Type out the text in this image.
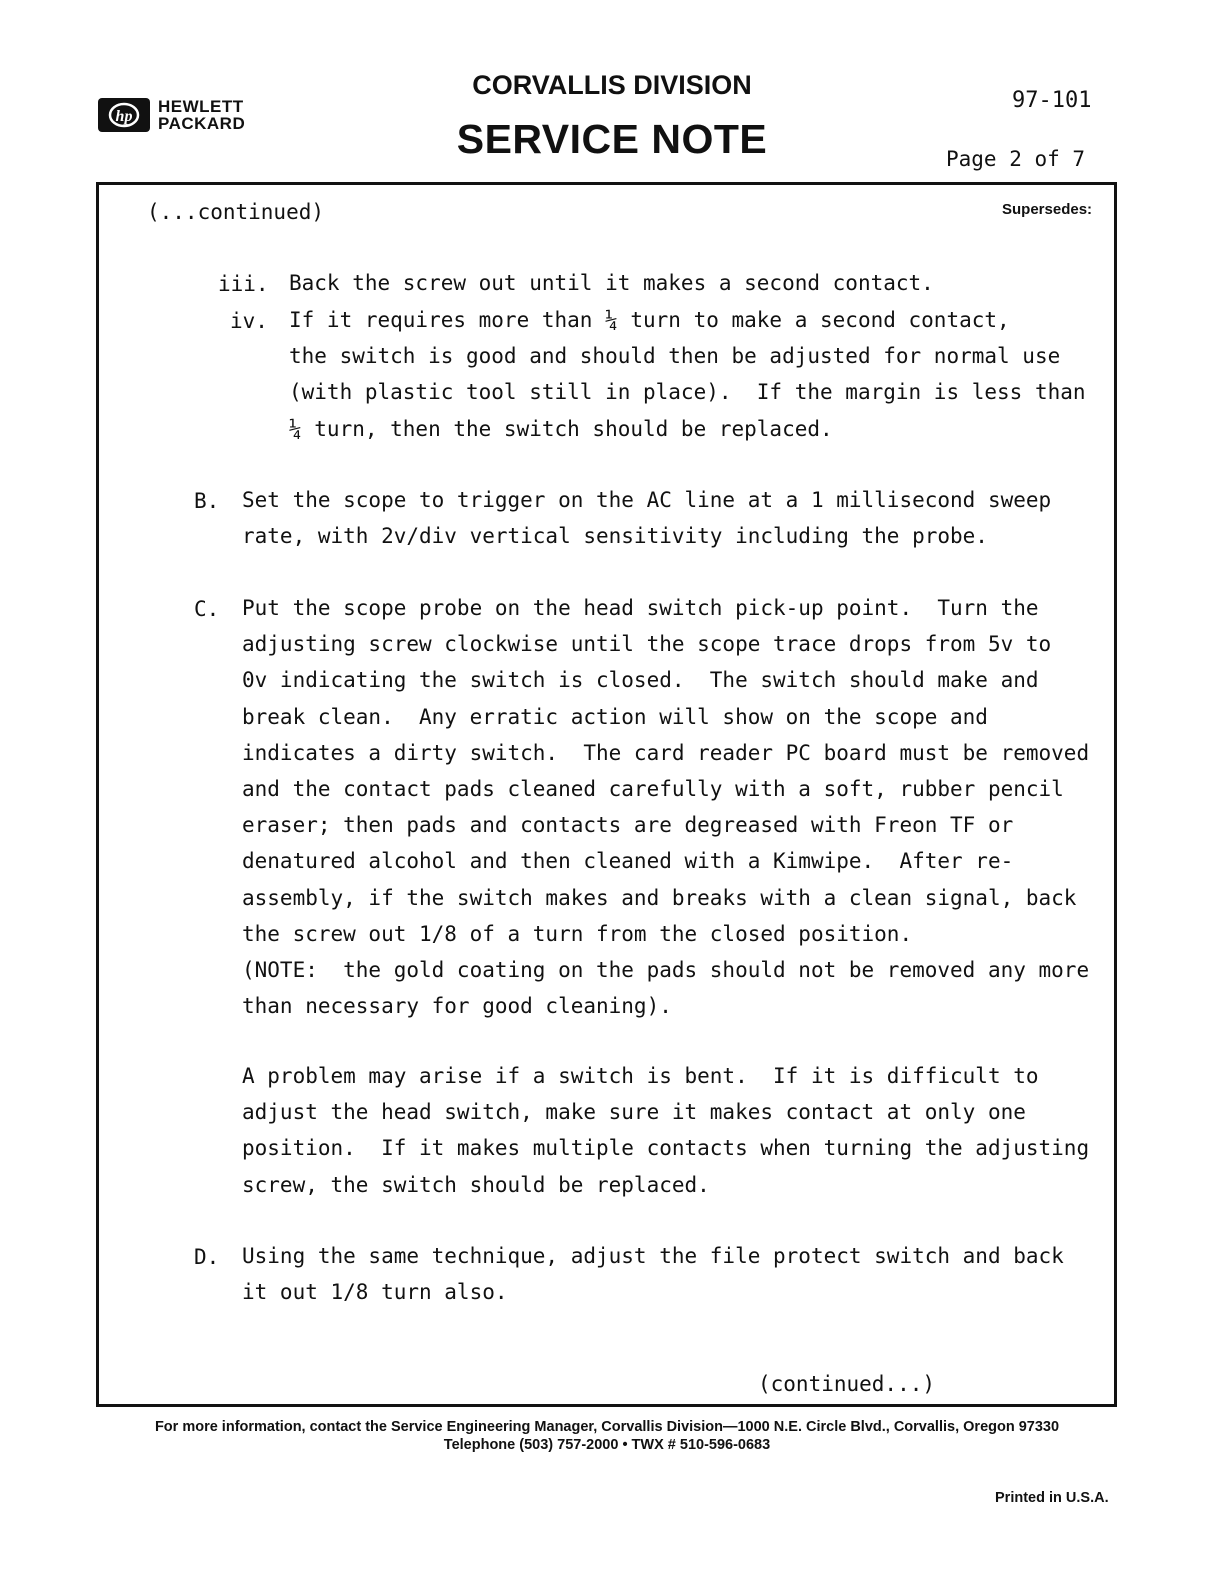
hp
HEWLETT
PACKARD
CORVALLIS DIVISION
SERVICE NOTE
97-101
Page 2 of 7
(...continued)	Supersedes:
iii. Back the screw out until it makes a second contact.
iv. If it requires more than ¼ turn to make a second contact,
the switch is good and should then be adjusted for normal use
(with plastic tool still in place).  If the margin is less than
¼ turn, then the switch should be replaced.
B. Set the scope to trigger on the AC line at a 1 millisecond sweep
rate, with 2v/div vertical sensitivity including the probe.
C. Put the scope probe on the head switch pick-up point.  Turn the
adjusting screw clockwise until the scope trace drops from 5v to
0v indicating the switch is closed.  The switch should make and
break clean.  Any erratic action will show on the scope and
indicates a dirty switch.  The card reader PC board must be removed
and the contact pads cleaned carefully with a soft, rubber pencil
eraser; then pads and contacts are degreased with Freon TF or
denatured alcohol and then cleaned with a Kimwipe.  After re-
assembly, if the switch makes and breaks with a clean signal, back
the screw out 1/8 of a turn from the closed position.
(NOTE:  the gold coating on the pads should not be removed any more
than necessary for good cleaning).
A problem may arise if a switch is bent.  If it is difficult to
adjust the head switch, make sure it makes contact at only one
position.  If it makes multiple contacts when turning the adjusting
screw, the switch should be replaced.
D. Using the same technique, adjust the file protect switch and back
it out 1/8 turn also.
(continued...)
For more information, contact the Service Engineering Manager, Corvallis Division—1000 N.E. Circle Blvd., Corvallis, Oregon 97330
Telephone (503) 757-2000 • TWX # 510-596-0683
Printed in U.S.A.
